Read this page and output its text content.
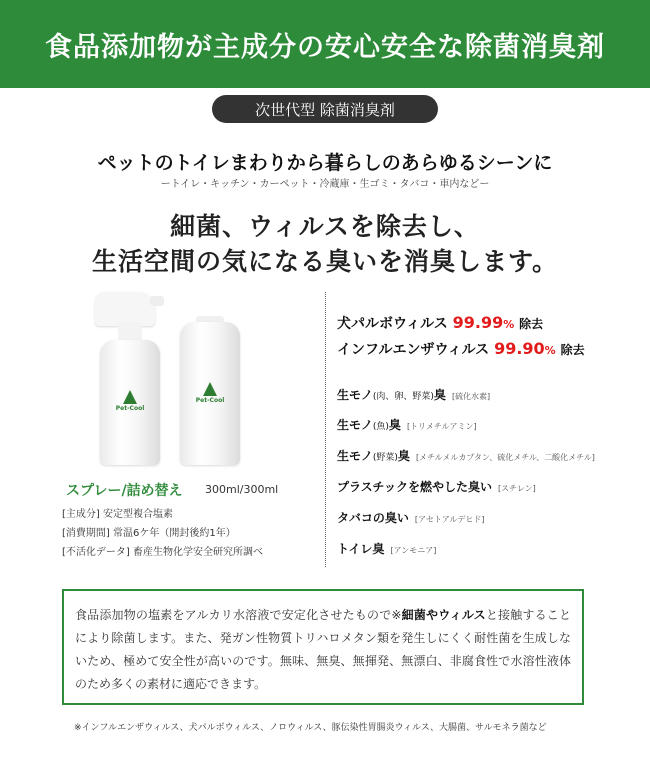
食品添加物が主成分の安心安全な除菌消臭剤
次世代型 除菌消臭剤
ペットのトイレまわりから暮らしのあらゆるシーンに
ートイレ・キッチン・カーペット・冷蔵庫・生ゴミ・タバコ・車内などー
細菌、ウィルスを除去し、
生活空間の気になる臭いを消臭します。
Pet-Cool
Pet-Cool
スプレー/詰め替え 300ml/300ml
[主成分] 安定型複合塩素
[消費期間] 常温6ケ年（開封後約1年）
[不活化データ] 畜産生物化学安全研究所調べ
犬パルボウィルス 99.99% 除去
インフルエンザウィルス 99.90% 除去
生モノ(肉、卵、野菜)臭 [硫化水素]
生モノ(魚)臭 [トリメチルアミン]
生モノ(野菜)臭 [メチルメルカプタン、硫化メチル、二酸化メチル]
プラスチックを燃やした臭い [スチレン]
タバコの臭い [アセトアルデヒド]
トイレ臭 [アンモニア]

食品添加物の塩素をアルカリ水溶液で安定化させたもので※細菌やウィルスと接触することにより除菌します。また、発ガン性物質トリハロメタン類を発生しにくく耐性菌を生成しないため、極めて安全性が高いのです。無味、無臭、無揮発、無漂白、非腐食性で水溶性液体のため多くの素材に適応できます。

※インフルエンザウィルス、犬パルボウィルス、ノロウィルス、豚伝染性胃腸炎ウィルス、大腸菌、サルモネラ菌など
